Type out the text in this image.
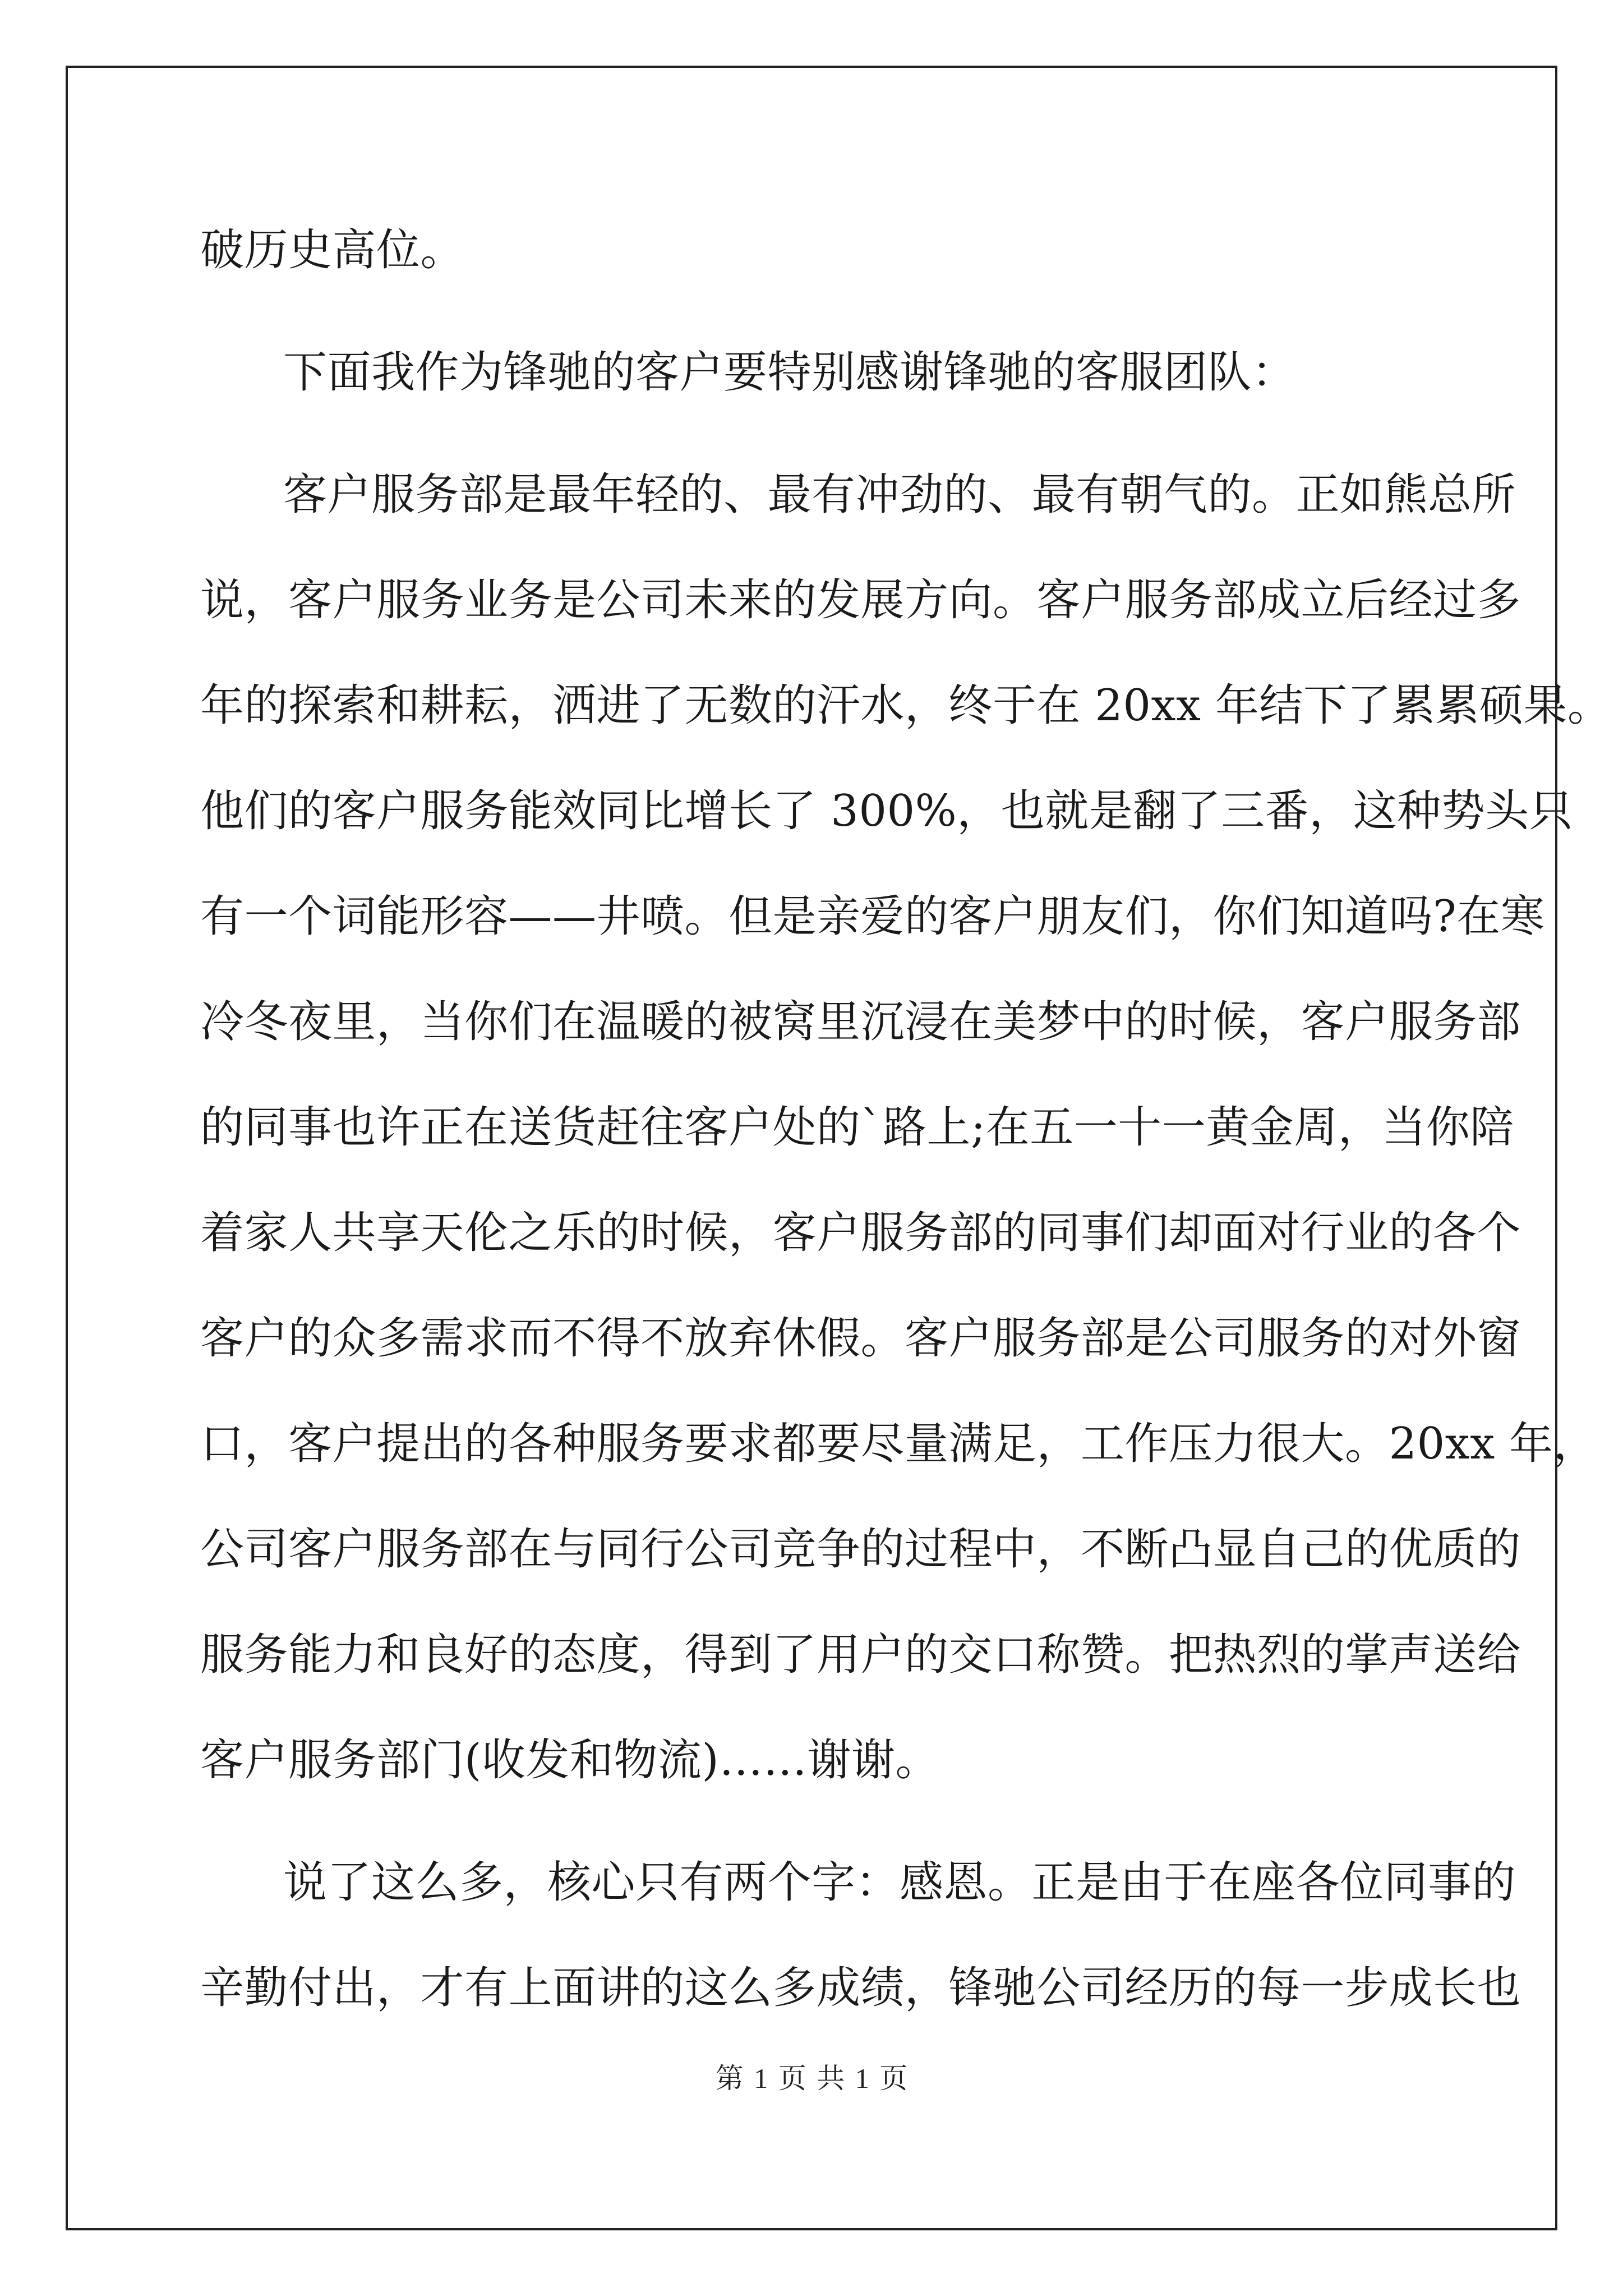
破历史高位。
下面我作为锋驰的客户要特别感谢锋驰的客服团队：
客户服务部是最年轻的、最有冲劲的、最有朝气的。正如熊总所
说，客户服务业务是公司未来的发展方向。客户服务部成立后经过多
年的探索和耕耘，洒进了无数的汗水，终于在 20xx 年结下了累累硕果。
他们的客户服务能效同比增长了 300%，也就是翻了三番，这种势头只
有一个词能形容——井喷。但是亲爱的客户朋友们，你们知道吗?在寒
冷冬夜里，当你们在温暖的被窝里沉浸在美梦中的时候，客户服务部
的同事也许正在送货赶往客户处的`路上;在五一十一黄金周，当你陪
着家人共享天伦之乐的时候，客户服务部的同事们却面对行业的各个
客户的众多需求而不得不放弃休假。客户服务部是公司服务的对外窗
口，客户提出的各种服务要求都要尽量满足，工作压力很大。20xx 年，
公司客户服务部在与同行公司竞争的过程中，不断凸显自己的优质的
服务能力和良好的态度，得到了用户的交口称赞。把热烈的掌声送给
客户服务部门(收发和物流)……谢谢。
说了这么多，核心只有两个字：感恩。正是由于在座各位同事的
辛勤付出，才有上面讲的这么多成绩，锋驰公司经历的每一步成长也
第 1 页 共 1 页
